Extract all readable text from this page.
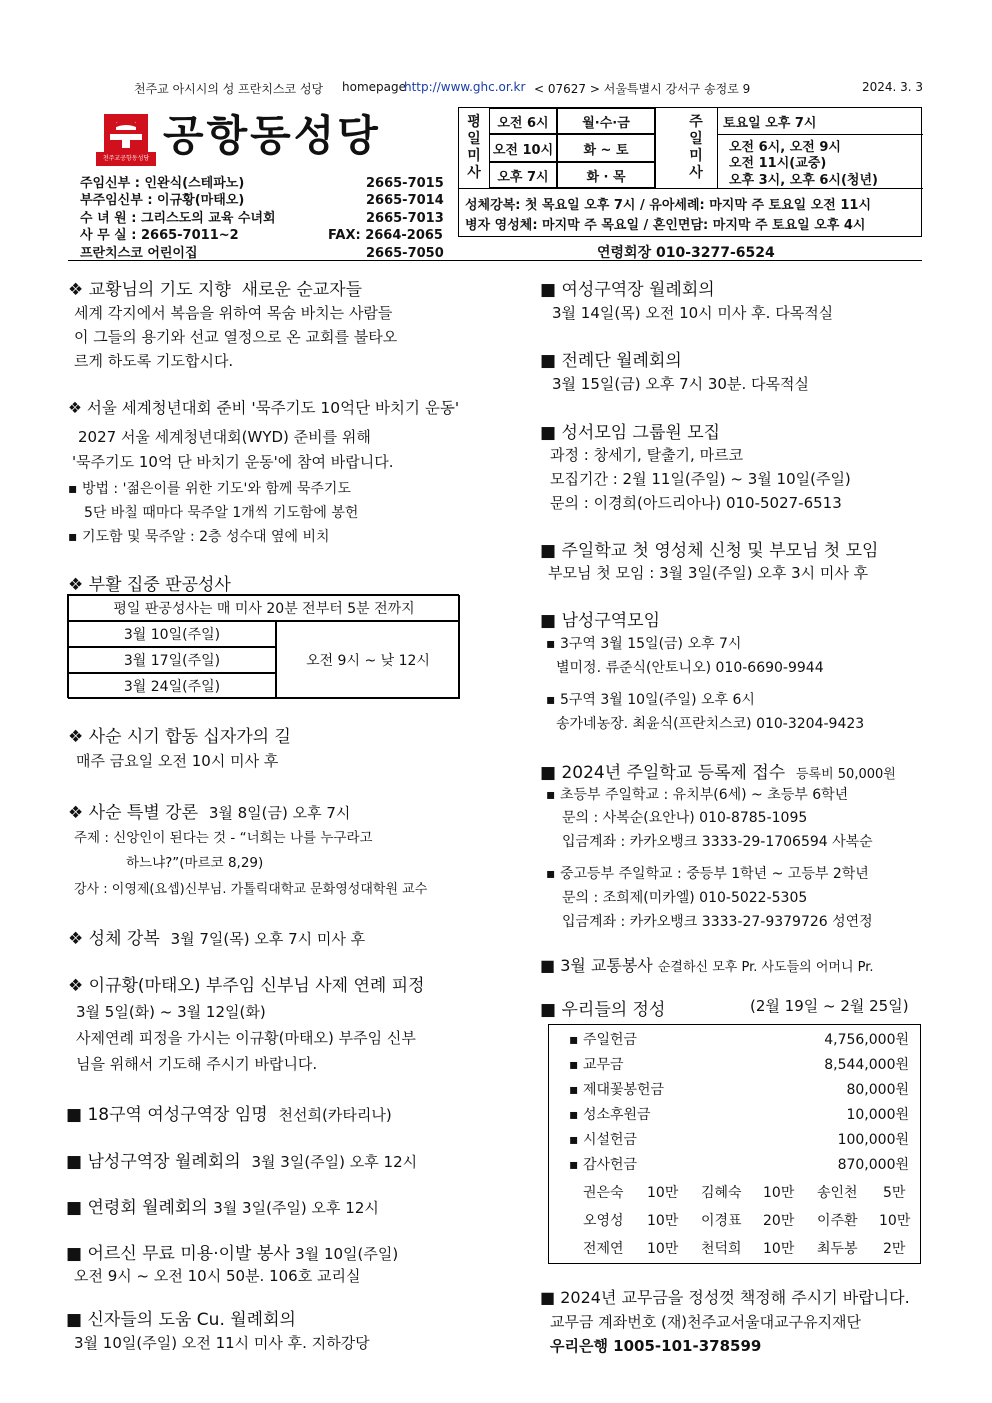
천주교 아시시의 성 프란치스코 성당 homepage
http://www.ghc.or.kr < 07627 > 서울특별시 강서구 송정로 9	2024. 3. 3
천주교공항동성당 공항동성당
주임신부 : 인완식(스테파노)	2665-7015
부주임신부 : 이규황(마태오)	2665-7014
수 녀 원 : 그리스도의 교육 수녀회	2665-7013
사 무 실 : 2665-7011~2	FAX: 2664-2065
프란치스코 어린이집	2665-7050
평
일
미
사
오전 6시	월·수·금
오전 10시	화 ~ 토
오후 7시	화 · 목
주
일
미
사
토요일 오후 7시
오전 6시, 오전 9시
오전 11시(교중)
오후 3시, 오후 6시(청년)
성체강복: 첫 목요일 오후 7시 / 유아세례: 마지막 주 토요일 오전 11시
병자 영성체: 마지막 주 목요일 / 혼인면담: 마지막 주 토요일 오후 4시
연령회장 010-3277-6524
❖ 교황님의 기도 지향 새로운 순교자들
세계 각지에서 복음을 위하여 목숨 바치는 사람들
이 그들의 용기와 선교 열정으로 온 교회를 불타오
르게 하도록 기도합시다.
❖ 서울 세계청년대회 준비 '묵주기도 10억단 바치기 운동'
2027 서울 세계청년대회(WYD) 준비를 위해
'묵주기도 10억 단 바치기 운동'에 참여 바랍니다.
▪ 방법 : '젊은이를 위한 기도'와 함께 묵주기도
5단 바칠 때마다 묵주알 1개씩 기도함에 봉헌
▪ 기도함 및 묵주알 : 2층 성수대 옆에 비치
❖ 부활 집중 판공성사
평일 판공성사는 매 미사 20분 전부터 5분 전까지
3월 10일(주일)
3월 17일(주일)
3월 24일(주일)
오전 9시 ~ 낮 12시
❖ 사순 시기 합동 십자가의 길
매주 금요일 오전 10시 미사 후
❖ 사순 특별 강론 3월 8일(금) 오후 7시
주제 : 신앙인이 된다는 것 - “너희는 나를 누구라고
하느냐?”(마르코 8,29)
강사 : 이영제(요셉)신부님. 가톨릭대학교 문화영성대학원 교수
❖ 성체 강복 3월 7일(목) 오후 7시 미사 후
❖ 이규황(마태오) 부주임 신부님 사제 연례 피정
3월 5일(화) ~ 3월 12일(화)
사제연례 피정을 가시는 이규황(마태오) 부주임 신부
님을 위해서 기도해 주시기 바랍니다.
■ 18구역 여성구역장 임명 천선희(카타리나)
■ 남성구역장 월례회의 3월 3일(주일) 오후 12시
■ 연령회 월례회의 3월 3일(주일) 오후 12시
■ 어르신 무료 미용·이발 봉사 3월 10일(주일)
오전 9시 ~ 오전 10시 50분. 106호 교리실
■ 신자들의 도움 Cu. 월례회의
3월 10일(주일) 오전 11시 미사 후. 지하강당
■ 여성구역장 월례회의
3월 14일(목) 오전 10시 미사 후. 다목적실
■ 전례단 월례회의
3월 15일(금) 오후 7시 30분. 다목적실
■ 성서모임 그룹원 모집
과정 : 창세기, 탈출기, 마르코
모집기간 : 2월 11일(주일) ~ 3월 10일(주일)
문의 : 이경희(아드리아나) 010-5027-6513
■ 주일학교 첫 영성체 신청 및 부모님 첫 모임
부모님 첫 모임 : 3월 3일(주일) 오후 3시 미사 후
■ 남성구역모임
▪ 3구역 3월 15일(금) 오후 7시
별미정. 류준식(안토니오) 010-6690-9944
▪ 5구역 3월 10일(주일) 오후 6시
송가네농장. 최윤식(프란치스코) 010-3204-9423
■ 2024년 주일학교 등록제 접수 등록비 50,000원
▪ 초등부 주일학교 : 유치부(6세) ~ 초등부 6학년
문의 : 사복순(요안나) 010-8785-1095
입금계좌 : 카카오뱅크 3333-29-1706594 사복순
▪ 중고등부 주일학교 : 중등부 1학년 ~ 고등부 2학년
문의 : 조희제(미카엘) 010-5022-5305
입금계좌 : 카카오뱅크 3333-27-9379726 성연정
■ 3월 교통봉사 순결하신 모후 Pr. 사도들의 어머니 Pr.
■ 우리들의 정성	(2월 19일 ~ 2월 25일)
▪ 주일헌금	4,756,000원
▪ 교무금	8,544,000원
▪ 제대꽃봉헌금	80,000원
▪ 성소후원금	10,000원
▪ 시설헌금	100,000원
▪ 감사헌금	870,000원
권은숙 10만 김혜숙 10만 송인천 5만
오영성 10만 이경표 20만 이주환 10만
전제연 10만 천덕희 10만 최두봉 2만
■ 2024년 교무금을 정성껏 책정해 주시기 바랍니다.
교무금 계좌번호 (재)천주교서울대교구유지재단
우리은행 1005-101-378599
